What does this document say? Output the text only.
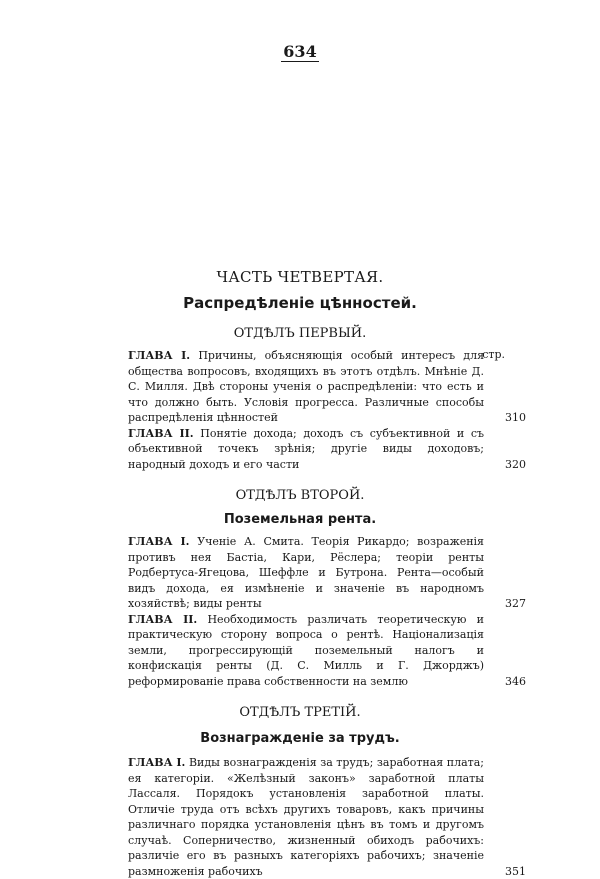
634
ЧАСТЬ ЧЕТВЕРТАЯ.
Распредѣленіе цѣнностей.
ОТДѢЛЪ ПЕРВЫЙ.
стр.
ГЛАВА I. Причины, объясняющія особый интересъ для общества вопросовъ, входящихъ въ этотъ отдѣлъ. Мнѣніе Д. С. Милля. Двѣ стороны ученія о распредѣленіи: что есть и что должно быть. Условія прогресса. Различные способы распредѣленія цѣнностей	310
ГЛАВА II. Понятіе дохода; доходъ съ субъективной и съ объективной точекъ зрѣнія; другіе виды доходовъ; народный доходъ и его части	320
ОТДѢЛЪ ВТОРОЙ.
Поземельная рента.
ГЛАВА I. Ученіе А. Смита. Теорія Рикардо; возраженія противъ нея Бастіа, Кари, Рёслера; теоріи ренты Родбертуса-Ягецова, Шеффле и Бутрона. Рента—особый видъ дохода, ея измѣненіе и значеніе въ народномъ хозяйствѣ; виды ренты	327
ГЛАВА II. Необходимость различать теоретическую и практическую сторону вопроса о рентѣ. Націонализація земли, прогрессирующій поземельный налогъ и конфискація ренты (Д. С. Милль и Г. Джорджъ) реформированіе права собственности на землю	346
ОТДѢЛЪ ТРЕТІЙ.
Вознагражденіе за трудъ.
ГЛАВА I. Виды вознагражденія за трудъ; заработная плата; ея категоріи. «Желѣзный законъ» заработной платы Лассаля. Порядокъ установленія заработной платы. Отличіе труда отъ всѣхъ другихъ товаровъ, какъ причины различнаго порядка установленія цѣнъ въ томъ и другомъ случаѣ. Соперничество, жизненный обиходъ рабочихъ: различіе его въ разныхъ категоріяхъ рабочихъ; значеніе размноженія рабочихъ	351
